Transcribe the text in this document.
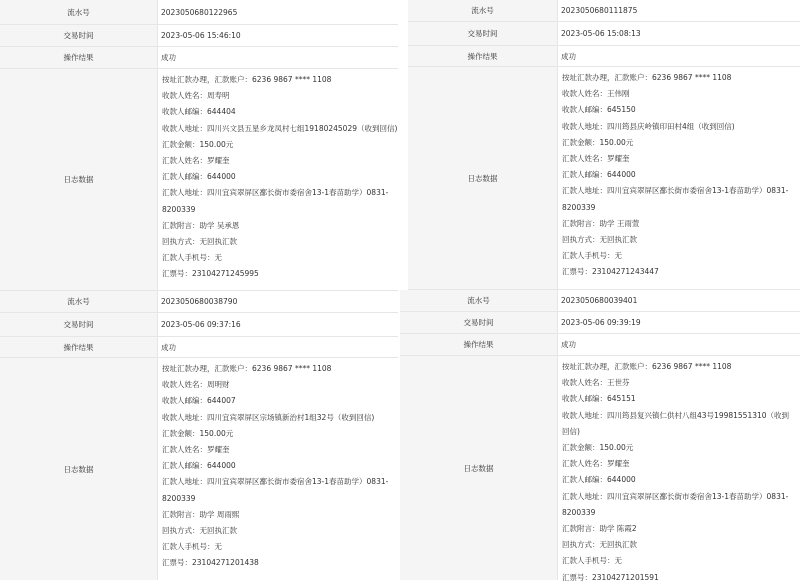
流水号	2023050680122965
交易时间	2023-05-06 15:46:10
操作结果	成功
日志数据
按址汇款办理，汇款账户：6236 9867 **** 1108
收款人姓名：周寿明
收款人邮编：644404
收款人地址：四川兴文县五星乡龙凤村七组19180245029（收到回信)
汇款金额：150.00元
汇款人姓名：罗耀奎
汇款人邮编：644000
汇款人地址：四川宜宾翠屏区鄱长街市委宿舍13-1春苗助学）0831-8200339
汇款附言：助学 吴承恩
回执方式：无回执汇款
汇款人手机号：无
汇票号：23104271245995
流水号	2023050680111875
交易时间	2023-05-06 15:08:13
操作结果	成功
日志数据
按址汇款办理，汇款账户：6236 9867 **** 1108
收款人姓名：王伟刚
收款人邮编：645150
收款人地址：四川筠县庆岭镇印田村4组（收到回信)
汇款金额：150.00元
汇款人姓名：罗耀奎
汇款人邮编：644000
汇款人地址：四川宜宾翠屏区鄱长街市委宿舍13-1春苗助学）0831-8200339
汇款附言：助学 王雨萱
回执方式：无回执汇款
汇款人手机号：无
汇票号：23104271243447
流水号	2023050680038790
交易时间	2023-05-06 09:37:16
操作结果	成功
日志数据
按址汇款办理，汇款账户：6236 9867 **** 1108
收款人姓名：周明财
收款人邮编：644007
收款人地址：四川宜宾翠屏区宗场镇新治村1组32号（收到回信)
汇款金额：150.00元
汇款人姓名：罗耀奎
汇款人邮编：644000
汇款人地址：四川宜宾翠屏区鄱长街市委宿舍13-1春苗助学）0831-8200339
汇款附言：助学 周雨熙
回执方式：无回执汇款
汇款人手机号：无
汇票号：23104271201438
流水号	2023050680039401
交易时间	2023-05-06 09:39:19
操作结果	成功
日志数据
按址汇款办理，汇款账户：6236 9867 **** 1108
收款人姓名：王世芬
收款人邮编：645151
收款人地址：四川筠县复兴镇仁供村八组43号19981551310（收到回信)
汇款金额：150.00元
汇款人姓名：罗耀奎
汇款人邮编：644000
汇款人地址：四川宜宾翠屏区鄱长街市委宿舍13-1春苗助学）0831-8200339
汇款附言：助学 陈霞2
回执方式：无回执汇款
汇款人手机号：无
汇票号：23104271201591
